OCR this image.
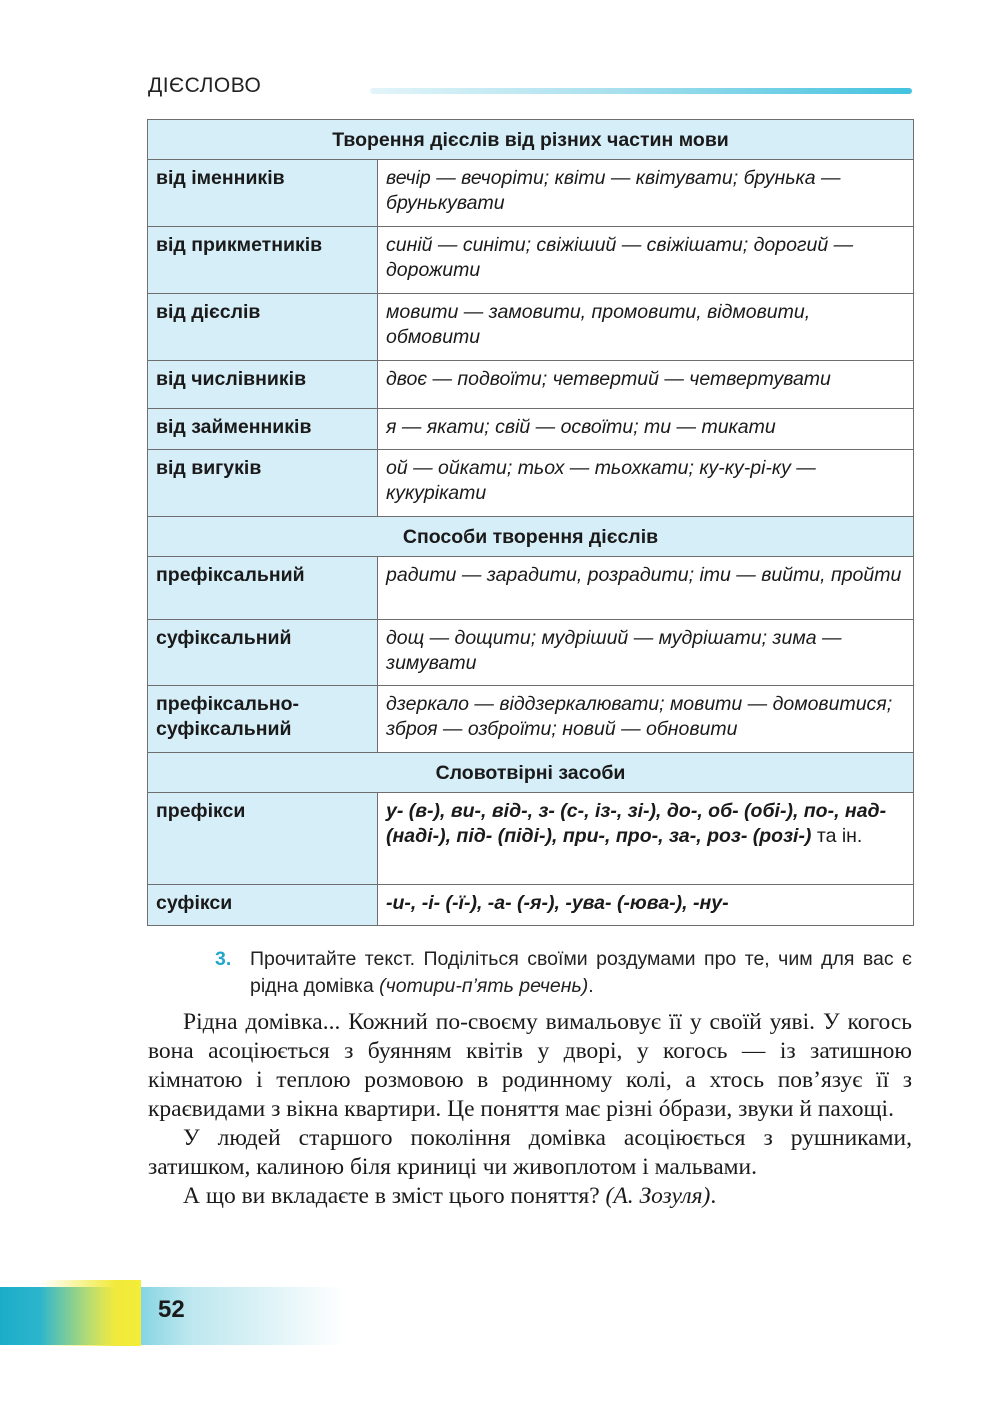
ДІЄСЛОВО
Творення дієслів від різних частин мови	
від іменників	вечір — вечоріти; квіти — квітувати; брунька — брунькувати
від прикметників	синій — синіти; свіжіший — свіжішати; дорогий — дорожити
від дієслів	мовити — замовити, промовити, відмовити, обмовити
від числівників	двоє — подвоїти; четвертий — четвертувати
від займенників	я — якати; свій — освоїти; ти — тикати
від вигуків	ой — ойкати; тьох — тьохкати; ку-ку-рі-ку — кукурікати
Способи творення дієслів	
префіксальний	радити — зарадити, розрадити; іти — вийти, пройти
суфіксальний	дощ — дощити; мудріший — мудрішати; зима — зимувати
префіксально-суфіксальний	дзеркало — віддзеркалювати; мовити — домовитися; зброя — озброїти; новий — обновити
Словотвірні засоби	
префікси	у- (в-), ви-, від-, з- (с-, із-, зі-), до-, об- (обі-), по-, над- (наді-), під- (піді-), при-, про-, за-, роз- (розі-) та ін.
суфікси	-и-, -і- (-ї-), -а- (-я-), -ува- (-юва-), -ну-
3. Прочитайте текст. Поділіться своїми роздумами про те, чим для вас є рідна домівка (чотири-п’ять речень).

Рідна домівка... Кожний по-своєму вимальовує її у своїй уяві. У когось вона асоціюється з буянням квітів у дворі, у когось — із затишною кімнатою і теплою розмовою в родинному колі, а хтось пов’язує її з краєвидами з вікна квартири. Це поняття має різні óбрази, звуки й пахощі.

У людей старшого покоління домівка асоціюється з рушниками, затишком, калиною біля криниці чи живоплотом і мальвами.

А що ви вкладаєте в зміст цього поняття? (А. Зозуля).

52
